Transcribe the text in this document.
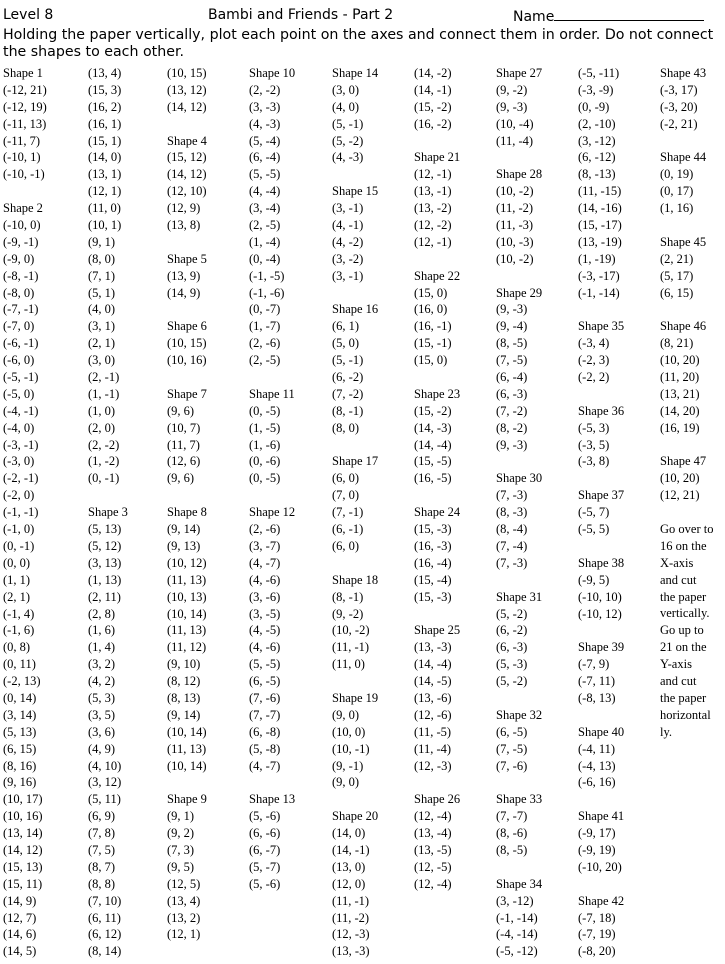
Level 8	Bambi and Friends - Part 2	Name
Holding the paper vertically, plot each point on the axes and connect them in order. Do not connect the shapes to each other.
Shape 1
(-12, 21)
(-12, 19)
(-11, 13)
(-11, 7)
(-10, 1)
(-10, -1)
Shape 2
(-10, 0)
(-9, -1)
(-9, 0)
(-8, -1)
(-8, 0)
(-7, -1)
(-7, 0)
(-6, -1)
(-6, 0)
(-5, -1)
(-5, 0)
(-4, -1)
(-4, 0)
(-3, -1)
(-3, 0)
(-2, -1)
(-2, 0)
(-1, -1)
(-1, 0)
(0, -1)
(0, 0)
(1, 1)
(2, 1)
(-1, 4)
(-1, 6)
(0, 8)
(0, 11)
(-2, 13)
(0, 14)
(3, 14)
(5, 13)
(6, 15)
(8, 16)
(9, 16)
(10, 17)
(10, 16)
(13, 14)
(14, 12)
(15, 13)
(15, 11)
(14, 9)
(12, 7)
(14, 6)
(14, 5)
(13, 4)
(15, 3)
(16, 2)
(16, 1)
(15, 1)
(14, 0)
(13, 1)
(12, 1)
(11, 0)
(10, 1)
(9, 1)
(8, 0)
(7, 1)
(5, 1)
(4, 0)
(3, 1)
(2, 1)
(3, 0)
(2, -1)
(1, -1)
(1, 0)
(2, 0)
(2, -2)
(1, -2)
(0, -1)
Shape 3
(5, 13)
(5, 12)
(3, 13)
(1, 13)
(2, 11)
(2, 8)
(1, 6)
(1, 4)
(3, 2)
(4, 2)
(5, 3)
(3, 5)
(3, 6)
(4, 9)
(4, 10)
(3, 12)
(5, 11)
(6, 9)
(7, 8)
(7, 5)
(8, 7)
(8, 8)
(7, 10)
(6, 11)
(6, 12)
(8, 14)
(10, 15)
(13, 12)
(14, 12)
Shape 4
(15, 12)
(14, 12)
(12, 10)
(12, 9)
(13, 8)
Shape 5
(13, 9)
(14, 9)
Shape 6
(10, 15)
(10, 16)
Shape 7
(9, 6)
(10, 7)
(11, 7)
(12, 6)
(9, 6)
Shape 8
(9, 14)
(9, 13)
(10, 12)
(11, 13)
(10, 13)
(10, 14)
(11, 13)
(11, 12)
(9, 10)
(8, 12)
(8, 13)
(9, 14)
(10, 14)
(11, 13)
(10, 14)
Shape 9
(9, 1)
(9, 2)
(7, 3)
(9, 5)
(12, 5)
(13, 4)
(13, 2)
(12, 1)
Shape 10
(2, -2)
(3, -3)
(4, -3)
(5, -4)
(6, -4)
(5, -5)
(4, -4)
(3, -4)
(2, -5)
(1, -4)
(0, -4)
(-1, -5)
(-1, -6)
(0, -7)
(1, -7)
(2, -6)
(2, -5)
Shape 11
(0, -5)
(1, -5)
(1, -6)
(0, -6)
(0, -5)
Shape 12
(2, -6)
(3, -7)
(4, -7)
(4, -6)
(3, -6)
(3, -5)
(4, -5)
(4, -6)
(5, -5)
(6, -5)
(7, -6)
(7, -7)
(6, -8)
(5, -8)
(4, -7)
Shape 13
(5, -6)
(6, -6)
(6, -7)
(5, -7)
(5, -6)
Shape 14
(3, 0)
(4, 0)
(5, -1)
(5, -2)
(4, -3)
Shape 15
(3, -1)
(4, -1)
(4, -2)
(3, -2)
(3, -1)
Shape 16
(6, 1)
(5, 0)
(5, -1)
(6, -2)
(7, -2)
(8, -1)
(8, 0)
Shape 17
(6, 0)
(7, 0)
(7, -1)
(6, -1)
(6, 0)
Shape 18
(8, -1)
(9, -2)
(10, -2)
(11, -1)
(11, 0)
Shape 19
(9, 0)
(10, 0)
(10, -1)
(9, -1)
(9, 0)
Shape 20
(14, 0)
(14, -1)
(13, 0)
(12, 0)
(11, -1)
(11, -2)
(12, -3)
(13, -3)
(14, -2)
(14, -1)
(15, -2)
(16, -2)
Shape 21
(12, -1)
(13, -1)
(13, -2)
(12, -2)
(12, -1)
Shape 22
(15, 0)
(16, 0)
(16, -1)
(15, -1)
(15, 0)
Shape 23
(15, -2)
(14, -3)
(14, -4)
(15, -5)
(16, -5)
Shape 24
(15, -3)
(16, -3)
(16, -4)
(15, -4)
(15, -3)
Shape 25
(13, -3)
(14, -4)
(14, -5)
(13, -6)
(12, -6)
(11, -5)
(11, -4)
(12, -3)
Shape 26
(12, -4)
(13, -4)
(13, -5)
(12, -5)
(12, -4)
Shape 27
(9, -2)
(9, -3)
(10, -4)
(11, -4)
Shape 28
(10, -2)
(11, -2)
(11, -3)
(10, -3)
(10, -2)
Shape 29
(9, -3)
(9, -4)
(8, -5)
(7, -5)
(6, -4)
(6, -3)
(7, -2)
(8, -2)
(9, -3)
Shape 30
(7, -3)
(8, -3)
(8, -4)
(7, -4)
(7, -3)
Shape 31
(5, -2)
(6, -2)
(6, -3)
(5, -3)
(5, -2)
Shape 32
(6, -5)
(7, -5)
(7, -6)
Shape 33
(7, -7)
(8, -6)
(8, -5)
Shape 34
(3, -12)
(-1, -14)
(-4, -14)
(-5, -12)
(-5, -11)
(-3, -9)
(0, -9)
(2, -10)
(3, -12)
(6, -12)
(8, -13)
(11, -15)
(14, -16)
(15, -17)
(13, -19)
(1, -19)
(-3, -17)
(-1, -14)
Shape 35
(-3, 4)
(-2, 3)
(-2, 2)
Shape 36
(-5, 3)
(-3, 5)
(-3, 8)
Shape 37
(-5, 7)
(-5, 5)
Shape 38
(-9, 5)
(-10, 10)
(-10, 12)
Shape 39
(-7, 9)
(-7, 11)
(-8, 13)
Shape 40
(-4, 11)
(-4, 13)
(-6, 16)
Shape 41
(-9, 17)
(-9, 19)
(-10, 20)
Shape 42
(-7, 18)
(-7, 19)
(-8, 20)
Shape 43
(-3, 17)
(-3, 20)
(-2, 21)
Shape 44
(0, 19)
(0, 17)
(1, 16)
Shape 45
(2, 21)
(5, 17)
(6, 15)
Shape 46
(8, 21)
(10, 20)
(11, 20)
(13, 21)
(14, 20)
(16, 19)
Shape 47
(10, 20)
(12, 21)
Go over to
16 on the
X-axis
and cut
the paper
vertically.
Go up to
21 on the
Y-axis
and cut
the paper
horizontal
ly.
